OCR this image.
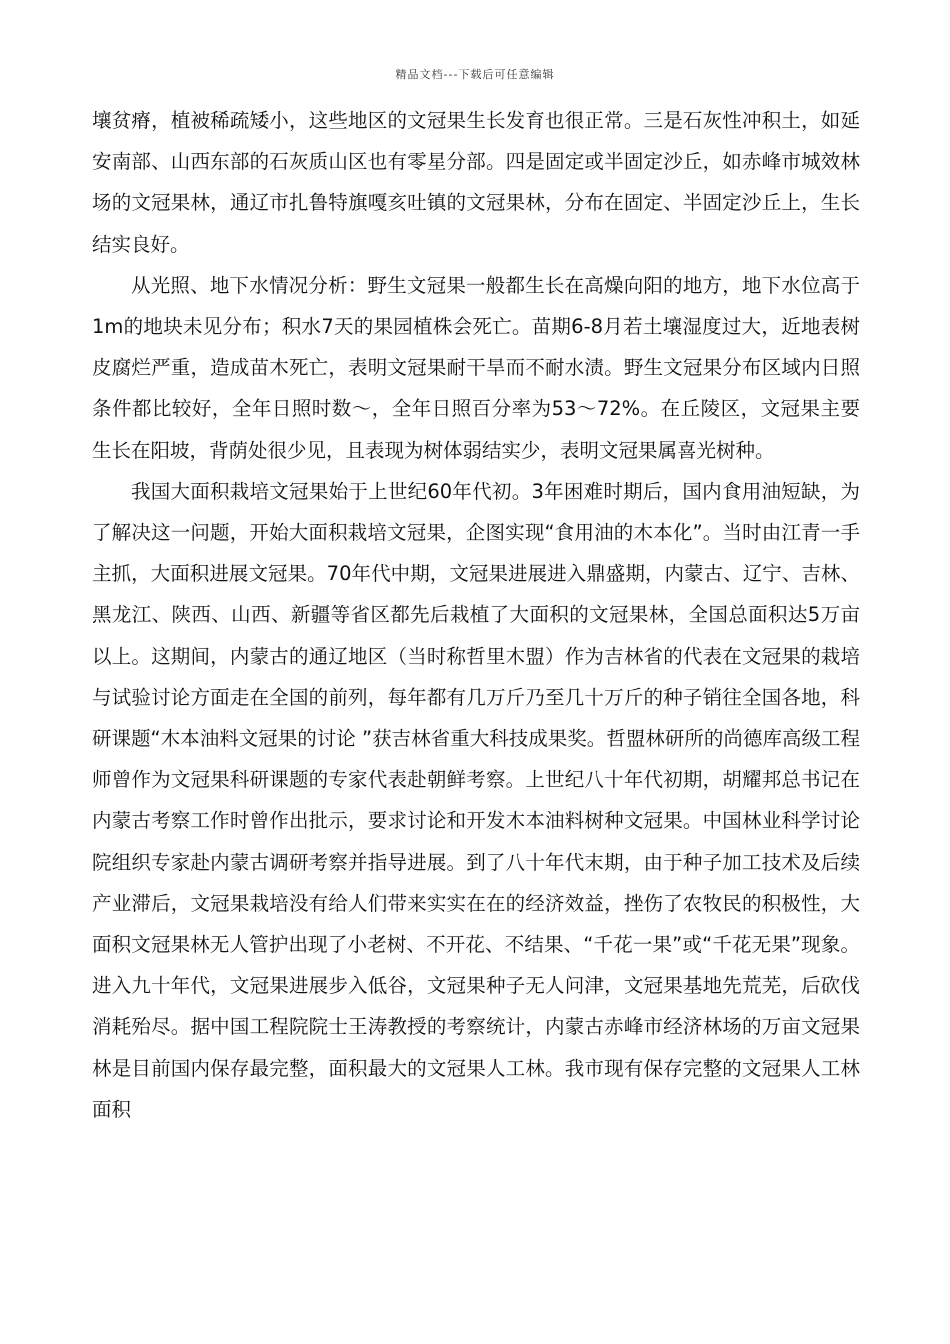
精品文档---下载后可任意编辑

壤贫瘠，植被稀疏矮小，这些地区的文冠果生长发育也很正常。三是石灰性冲积土，如延安南部、山西东部的石灰质山区也有零星分部。四是固定或半固定沙丘，如赤峰市城效林场的文冠果林，通辽市扎鲁特旗嘎亥吐镇的文冠果林，分布在固定、半固定沙丘上，生长结实良好。

从光照、地下水情况分析：野生文冠果一般都生长在高燥向阳的地方，地下水位高于1m的地块未见分布；积水7天的果园植株会死亡。苗期6-8月若土壤湿度过大，近地表树皮腐烂严重，造成苗木死亡，表明文冠果耐干旱而不耐水渍。野生文冠果分布区域内日照条件都比较好，全年日照时数～，全年日照百分率为53～72%。在丘陵区，文冠果主要生长在阳坡，背荫处很少见，且表现为树体弱结实少，表明文冠果属喜光树种。

我国大面积栽培文冠果始于上世纪60年代初。3年困难时期后，国内食用油短缺，为了解决这一问题，开始大面积栽培文冠果，企图实现“食用油的木本化”。当时由江青一手主抓，大面积进展文冠果。70年代中期，文冠果进展进入鼎盛期，内蒙古、辽宁、吉林、黑龙江、陕西、山西、新疆等省区都先后栽植了大面积的文冠果林，全国总面积达5万亩以上。这期间，内蒙古的通辽地区（当时称哲里木盟）作为吉林省的代表在文冠果的栽培与试验讨论方面走在全国的前列，每年都有几万斤乃至几十万斤的种子销往全国各地，科研课题“木本油料文冠果的讨论 ”获吉林省重大科技成果奖。哲盟林研所的尚德库高级工程师曾作为文冠果科研课题的专家代表赴朝鲜考察。上世纪八十年代初期，胡耀邦总书记在内蒙古考察工作时曾作出批示，要求讨论和开发木本油料树种文冠果。中国林业科学讨论院组织专家赴内蒙古调研考察并指导进展。到了八十年代末期，由于种子加工技术及后续产业滞后，文冠果栽培没有给人们带来实实在在的经济效益，挫伤了农牧民的积极性，大面积文冠果林无人管护出现了小老树、不开花、不结果、“千花一果”或“千花无果”现象。进入九十年代，文冠果进展步入低谷，文冠果种子无人问津，文冠果基地先荒芜，后砍伐消耗殆尽。据中国工程院院士王涛教授的考察统计，内蒙古赤峰市经济林场的万亩文冠果林是目前国内保存最完整，面积最大的文冠果人工林。我市现有保存完整的文冠果人工林面积
